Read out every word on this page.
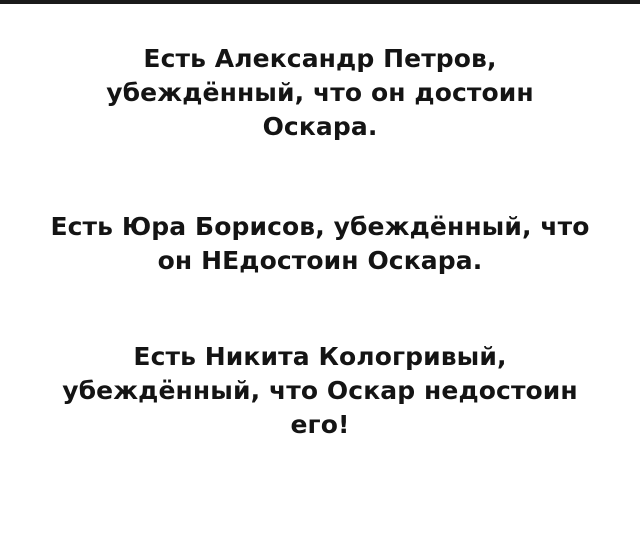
Есть Александр Петров, убеждённый, что он достоин Оскара.

Есть Юра Борисов, убеждённый, что он НЕдостоин Оскара.

Есть Никита Кологривый, убеждённый, что Оскар недостоин его!
